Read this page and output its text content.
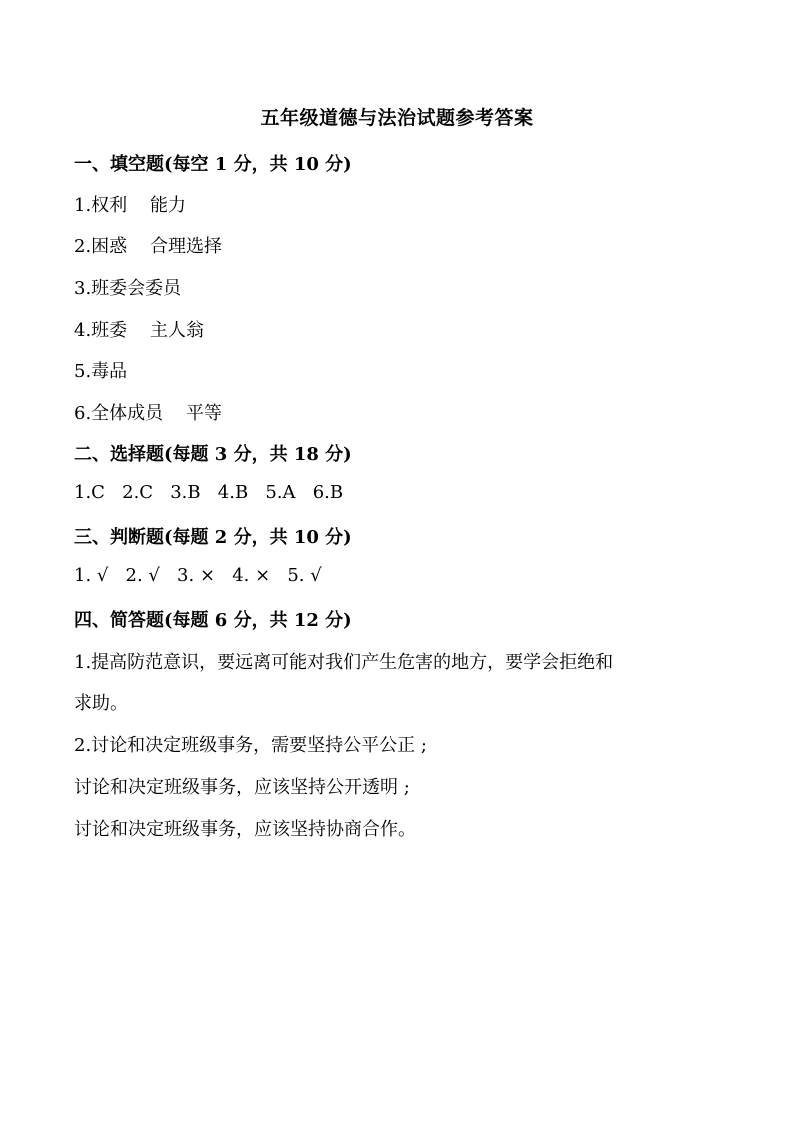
五年级道德与法治试题参考答案
一、填空题(每空 1 分，共 10 分)
1.权利    能力
2.困惑    合理选择
3.班委会委员
4.班委    主人翁
5.毒品
6.全体成员    平等
二、选择题(每题 3 分，共 18 分)
1.C   2.C   3.B   4.B   5.A   6.B
三、判断题(每题 2 分，共 10 分)
1. √   2. √   3. ×   4. ×   5. √
四、简答题(每题 6 分，共 12 分)
1.提高防范意识，要远离可能对我们产生危害的地方，要学会拒绝和
求助。
2.讨论和决定班级事务，需要坚持公平公正 ;
讨论和决定班级事务，应该坚持公开透明 ;
讨论和决定班级事务，应该坚持协商合作。
